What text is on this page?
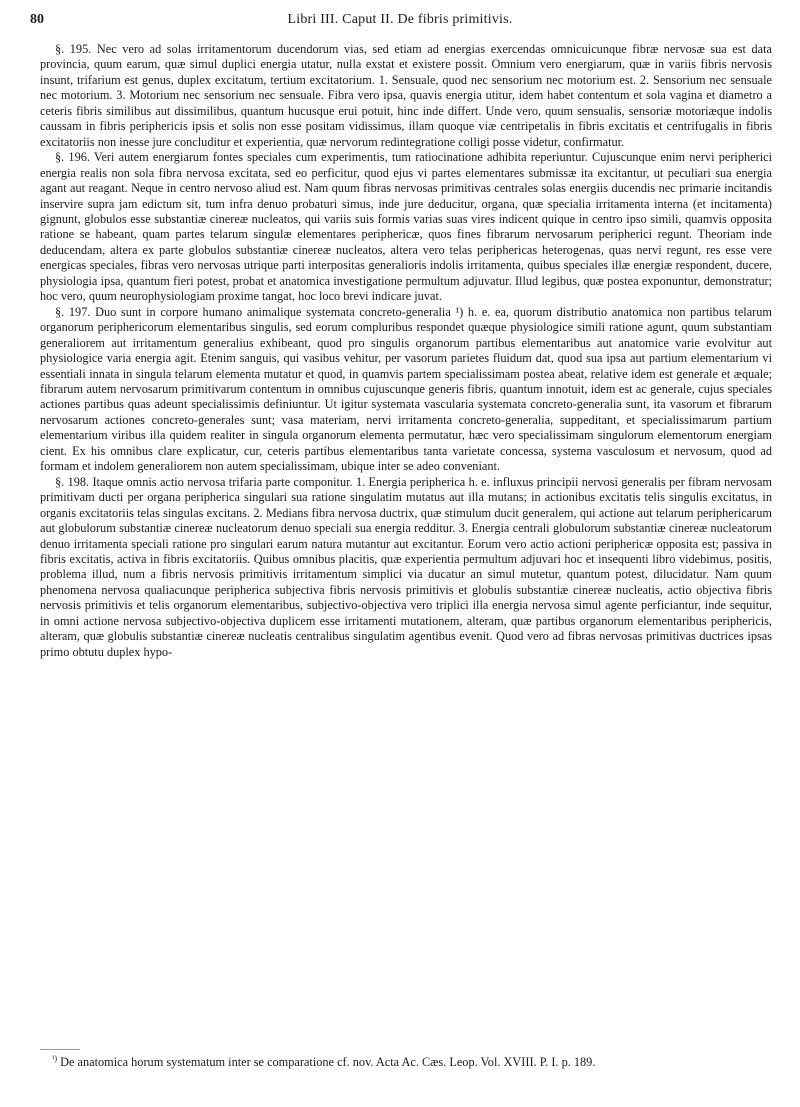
80	Libri III. Caput II. De fibris primitivis.

§. 195. Nec vero ad solas irritamentorum ducendorum vias, sed etiam ad energias exercendas omnicuicunque fibræ nervosæ sua est data provincia, quum earum, quæ simul duplici energia utatur, nulla exstat et existere possit. Omnium vero energiarum, quæ in variis fibris nervosis insunt, trifarium est genus, duplex excitatum, tertium excitatorium. 1. Sensuale, quod nec sensorium nec motorium est. 2. Sensorium nec sensuale nec motorium. 3. Motorium nec sensorium nec sensuale. Fibra vero ipsa, quavis energia utitur, idem habet contentum et sola vagina et diametro a ceteris fibris similibus aut dissimilibus, quantum hucusque erui potuit, hinc inde differt. Unde vero, quum sensualis, sensoriæ motoriæque indolis caussam in fibris periphericis ipsis et solis non esse positam vidissimus, illam quoque viæ centripetalis in fibris excitatis et centrifugalis in fibris excitatoriis non inesse jure concluditur et experientia, quæ nervorum redintegratione colligi posse videtur, confirmatur.

§. 196. Veri autem energiarum fontes speciales cum experimentis, tum ratiocinatione adhibita reperiuntur. Cujuscunque enim nervi peripherici energia realis non sola fibra nervosa excitata, sed eo perficitur, quod ejus vi partes elementares submissæ ita excitantur, ut peculiari sua energia agant aut reagant. Neque in centro nervoso aliud est. Nam quum fibras nervosas primitivas centrales solas energiis ducendis nec primarie incitandis inservire supra jam edictum sit, tum infra denuo probaturi simus, inde jure deducitur, organa, quæ specialia irritamenta interna (et incitamenta) gignunt, globulos esse substantiæ cinereæ nucleatos, qui variis suis formis varias suas vires indicent quique in centro ipso simili, quamvis opposita ratione se habeant, quam partes telarum singulæ elementares periphericæ, quos fines fibrarum nervosarum peripherici regunt. Theoriam inde deducendam, altera ex parte globulos substantiæ cinereæ nucleatos, altera vero telas periphericas heterogenas, quas nervi regunt, res esse vere energicas speciales, fibras vero nervosas utrique parti interpositas generalioris indolis irritamenta, quibus speciales illæ energiæ respondent, ducere, physiologia ipsa, quantum fieri potest, probat et anatomica investigatione permultum adjuvatur. Illud legibus, quæ postea exponuntur, demonstratur; hoc vero, quum neurophysiologiam proxime tangat, hoc loco brevi indicare juvat.

§. 197. Duo sunt in corpore humano animalique systemata concreto-generalia ¹) h. e. ea, quorum distributio anatomica non partibus telarum organorum periphericorum elementaribus singulis, sed eorum compluribus respondet quæque physiologice simili ratione agunt, quum substantiam generaliorem aut irritamentum generalius exhibeant, quod pro singulis organorum partibus elementaribus aut anatomice varie evolvitur aut physiologice varia energia agit. Etenim sanguis, qui vasibus vehitur, per vasorum parietes fluidum dat, quod sua ipsa aut partium elementarium vi essentiali innata in singula telarum elementa mutatur et quod, in quamvis partem specialissimam postea abeat, relative idem est generale et æquale; fibrarum autem nervosarum primitivarum contentum in omnibus cujuscunque generis fibris, quantum innotuit, idem est ac generale, cujus speciales actiones partibus quas adeunt specialissimis definiuntur. Ut igitur systemata vascularia systemata concreto-generalia sunt, ita vasorum et fibrarum nervosarum actiones concreto-generales sunt; vasa materiam, nervi irritamenta concreto-generalia, suppeditant, et specialissimarum partium elementarium viribus illa quidem realiter in singula organorum elementa permutatur, hæc vero specialissimam singulorum elementorum energiam cient. Ex his omnibus clare explicatur, cur, ceteris partibus elementaribus tanta varietate concessa, systema vasculosum et nervosum, quod ad formam et indolem generaliorem non autem specialissimam, ubique inter se adeo conveniant.

§. 198. Itaque omnis actio nervosa trifaria parte componitur. 1. Energia peripherica h. e. influxus principii nervosi generalis per fibram nervosam primitivam ducti per organa peripherica singulari sua ratione singulatim mutatus aut illa mutans; in actionibus excitatis telis singulis excitatus, in organis excitatoriis telas singulas excitans. 2. Medians fibra nervosa ductrix, quæ stimulum ducit generalem, qui actione aut telarum periphericarum aut globulorum substantiæ cinereæ nucleatorum denuo speciali sua energia redditur. 3. Energia centrali globulorum substantiæ cinereæ nucleatorum denuo irritamenta speciali ratione pro singulari earum natura mutantur aut excitantur. Eorum vero actio actioni periphericæ opposita est; passiva in fibris excitatis, activa in fibris excitatoriis. Quibus omnibus placitis, quæ experientia permultum adjuvari hoc et insequenti libro videbimus, positis, problema illud, num a fibris nervosis primitivis irritamentum simplici via ducatur an simul mutetur, quantum potest, dilucidatur. Nam quum phenomena nervosa qualiacunque peripherica subjectiva fibris nervosis primitivis et globulis substantiæ cinereæ nucleatis, actio objectiva fibris nervosis primitivis et telis organorum elementaribus, subjectivo-objectiva vero triplici illa energia nervosa simul agente perficiantur, inde sequitur, in omni actione nervosa subjectivo-objectiva duplicem esse irritamenti mutationem, alteram, quæ partibus organorum elementaribus periphericis, alteram, quæ globulis substantiæ cinereæ nucleatis centralibus singulatim agentibus evenit. Quod vero ad fibras nervosas primitivas ductrices ipsas primo obtutu duplex hypo-

$^{^1)}$ De anatomica horum systematum inter se comparatione cf. nov. Acta Ac. Cæs. Leop. Vol. XVIII. P. I. p. 189.
